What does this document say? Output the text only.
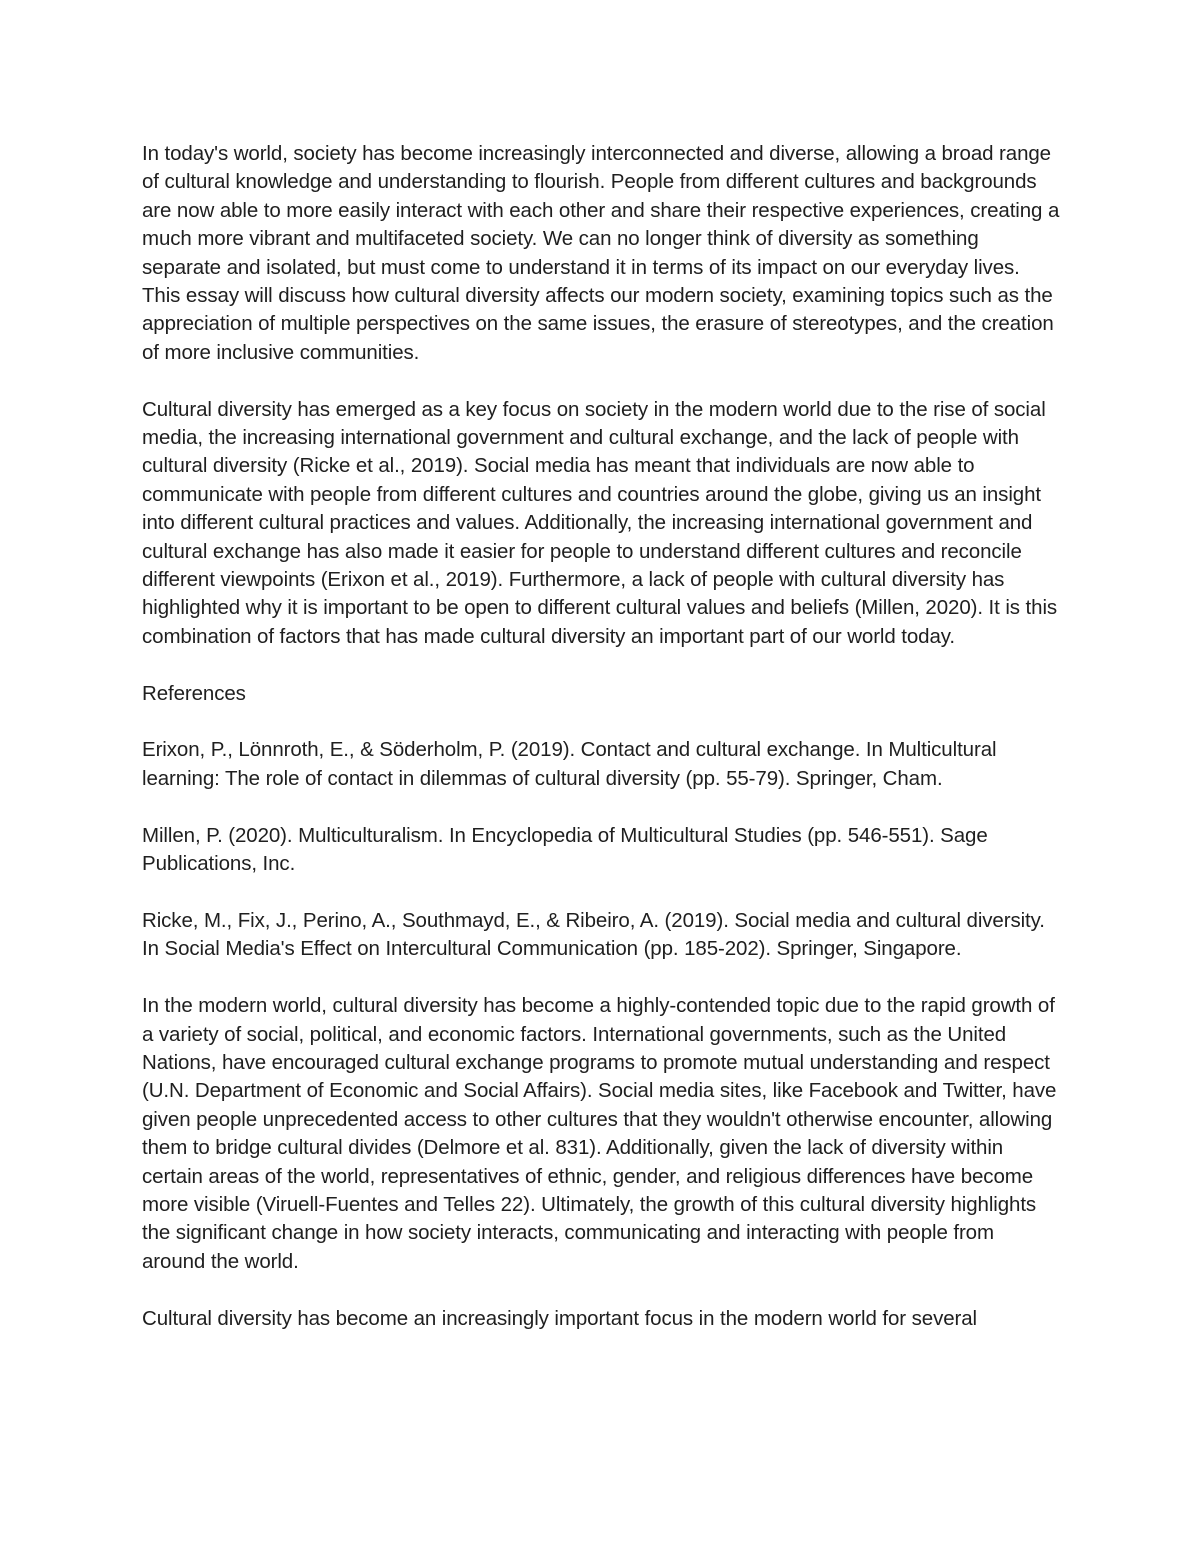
In today's world, society has become increasingly interconnected and diverse, allowing a broad range of cultural knowledge and understanding to flourish. People from different cultures and backgrounds are now able to more easily interact with each other and share their respective experiences, creating a much more vibrant and multifaceted society. We can no longer think of diversity as something separate and isolated, but must come to understand it in terms of its impact on our everyday lives. This essay will discuss how cultural diversity affects our modern society, examining topics such as the appreciation of multiple perspectives on the same issues, the erasure of stereotypes, and the creation of more inclusive communities.

Cultural diversity has emerged as a key focus on society in the modern world due to the rise of social media, the increasing international government and cultural exchange, and the lack of people with cultural diversity (Ricke et al., 2019). Social media has meant that individuals are now able to communicate with people from different cultures and countries around the globe, giving us an insight into different cultural practices and values. Additionally, the increasing international government and cultural exchange has also made it easier for people to understand different cultures and reconcile different viewpoints (Erixon et al., 2019). Furthermore, a lack of people with cultural diversity has highlighted why it is important to be open to different cultural values and beliefs (Millen, 2020). It is this combination of factors that has made cultural diversity an important part of our world today.

References

Erixon, P., Lönnroth, E., & Söderholm, P. (2019). Contact and cultural exchange. In Multicultural learning: The role of contact in dilemmas of cultural diversity (pp. 55-79). Springer, Cham.

Millen, P. (2020). Multiculturalism. In Encyclopedia of Multicultural Studies (pp. 546-551). Sage Publications, Inc.

Ricke, M., Fix, J., Perino, A., Southmayd, E., & Ribeiro, A. (2019). Social media and cultural diversity. In Social Media's Effect on Intercultural Communication (pp. 185-202). Springer, Singapore.

In the modern world, cultural diversity has become a highly-contended topic due to the rapid growth of a variety of social, political, and economic factors. International governments, such as the United Nations, have encouraged cultural exchange programs to promote mutual understanding and respect (U.N. Department of Economic and Social Affairs). Social media sites, like Facebook and Twitter, have given people unprecedented access to other cultures that they wouldn't otherwise encounter, allowing them to bridge cultural divides (Delmore et al. 831). Additionally, given the lack of diversity within certain areas of the world, representatives of ethnic, gender, and religious differences have become more visible (Viruell-Fuentes and Telles 22). Ultimately, the growth of this cultural diversity highlights the significant change in how society interacts, communicating and interacting with people from around the world.

Cultural diversity has become an increasingly important focus in the modern world for several
